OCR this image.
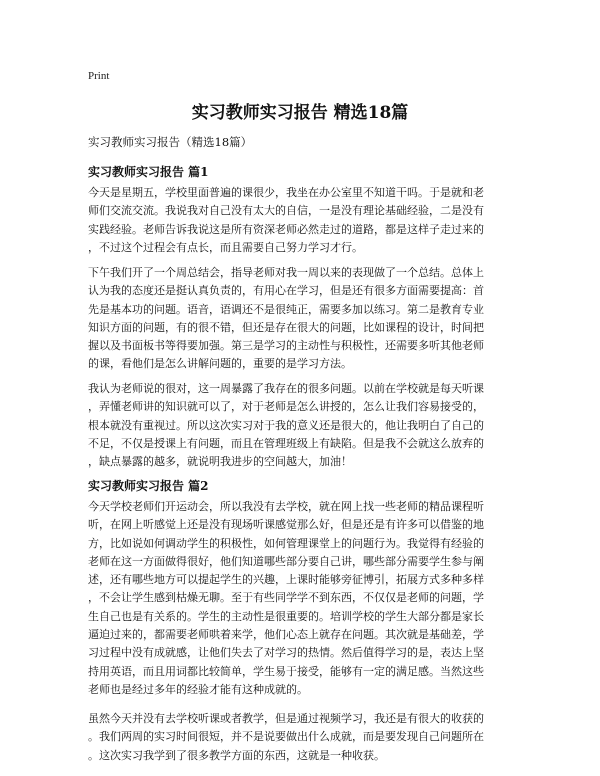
Print
实习教师实习报告 精选18篇

实习教师实习报告（精选18篇）

实习教师实习报告 篇1

今天是星期五，学校里面普遍的课很少，我坐在办公室里不知道干吗。于是就和老
师们交流交流。我说我对自己没有太大的自信，一是没有理论基础经验，二是没有
实践经验。老师告诉我说这是所有资深老师必然走过的道路，都是这样子走过来的
，不过这个过程会有点长，而且需要自己努力学习才行。

下午我们开了一个周总结会，指导老师对我一周以来的表现做了一个总结。总体上
认为我的态度还是挺认真负责的，有用心在学习，但是还有很多方面需要提高：首
先是基本功的问题。语音，语调还不是很纯正，需要多加以练习。第二是教育专业
知识方面的问题，有的很不错，但还是存在很大的问题，比如课程的设计，时间把
握以及书面板书等得要加强。第三是学习的主动性与积极性，还需要多听其他老师
的课，看他们是怎么讲解问题的，重要的是学习方法。

我认为老师说的很对，这一周暴露了我存在的很多问题。以前在学校就是每天听课
，弄懂老师讲的知识就可以了，对于老师是怎么讲授的，怎么让我们容易接受的，
根本就没有重视过。所以这次实习对于我的意义还是很大的，他让我明白了自己的
不足，不仅是授课上有问题，而且在管理班级上有缺陷。但是我不会就这么放弃的
，缺点暴露的越多，就说明我进步的空间越大，加油！

实习教师实习报告 篇2

今天学校老师们开运动会，所以我没有去学校，就在网上找一些老师的精品课程听
听，在网上听感觉上还是没有现场听课感觉那么好，但是还是有许多可以借鉴的地
方，比如说如何调动学生的积极性，如何管理课堂上的问题行为。我觉得有经验的
老师在这一方面做得很好，他们知道哪些部分要自己讲，哪些部分需要学生参与阐
述，还有哪些地方可以提起学生的兴趣，上课时能够旁征博引，拓展方式多种多样
，不会让学生感到枯燥无聊。至于有些同学学不到东西，不仅仅是老师的问题，学
生自己也是有关系的。学生的主动性是很重要的。培训学校的学生大部分都是家长
逼迫过来的，都需要老师哄着来学，他们心态上就存在问题。其次就是基础差，学
习过程中没有成就感，让他们失去了对学习的热情。然后值得学习的是，表达上坚
持用英语，而且用词都比较简单，学生易于接受，能够有一定的满足感。当然这些
老师也是经过多年的经验才能有这种成就的。

虽然今天并没有去学校听课或者教学，但是通过视频学习，我还是有很大的收获的
。我们两周的实习时间很短，并不是说要做出什么成就，而是要发现自己问题所在
。这次实习我学到了很多教学方面的东西，这就是一种收获。
